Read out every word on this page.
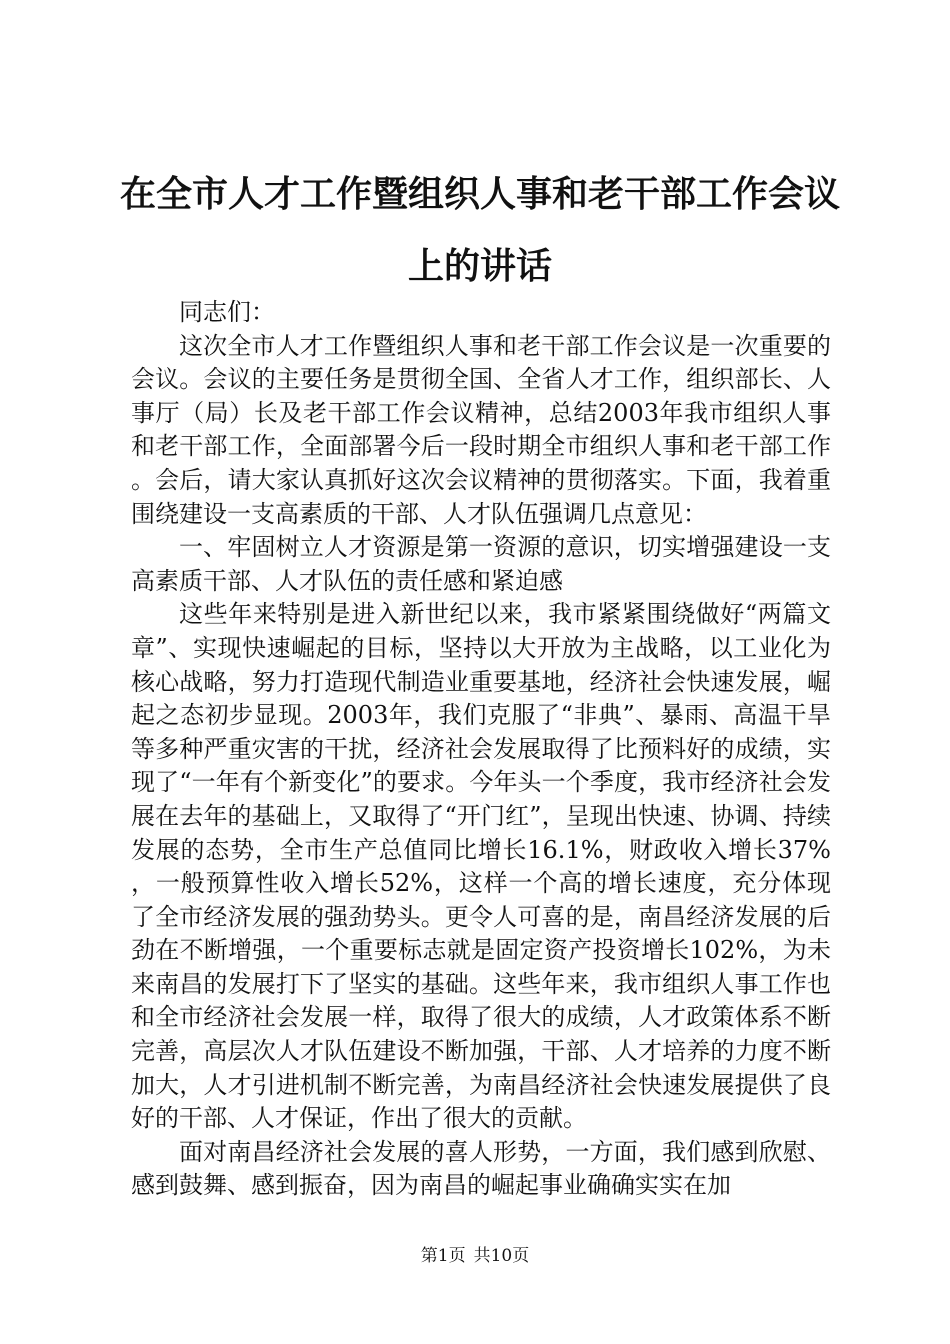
在全市人才工作暨组织人事和老干部工作会议
上的讲话

同志们：

这次全市人才工作暨组织人事和老干部工作会议是一次重要的会议。会议的主要任务是贯彻全国、全省人才工作，组织部长、人事厅（局）长及老干部工作会议精神，总结2003年我市组织人事和老干部工作，全面部署今后一段时期全市组织人事和老干部工作。会后，请大家认真抓好这次会议精神的贯彻落实。下面，我着重围绕建设一支高素质的干部、人才队伍强调几点意见：

一、牢固树立人才资源是第一资源的意识，切实增强建设一支高素质干部、人才队伍的责任感和紧迫感

这些年来特别是进入新世纪以来，我市紧紧围绕做好“两篇文章”、实现快速崛起的目标，坚持以大开放为主战略，以工业化为核心战略，努力打造现代制造业重要基地，经济社会快速发展，崛起之态初步显现。2003年，我们克服了“非典”、暴雨、高温干旱等多种严重灾害的干扰，经济社会发展取得了比预料好的成绩，实现了“一年有个新变化”的要求。今年头一个季度，我市经济社会发展在去年的基础上，又取得了“开门红”，呈现出快速、协调、持续发展的态势，全市生产总值同比增长16.1%，财政收入增长37%，一般预算性收入增长52%，这样一个高的增长速度，充分体现了全市经济发展的强劲势头。更令人可喜的是，南昌经济发展的后劲在不断增强，一个重要标志就是固定资产投资增长102%，为未来南昌的发展打下了坚实的基础。这些年来，我市组织人事工作也和全市经济社会发展一样，取得了很大的成绩，人才政策体系不断完善，高层次人才队伍建设不断加强，干部、人才培养的力度不断加大，人才引进机制不断完善，为南昌经济社会快速发展提供了良好的干部、人才保证，作出了很大的贡献。

面对南昌经济社会发展的喜人形势，一方面，我们感到欣慰、感到鼓舞、感到振奋，因为南昌的崛起事业确确实实在加

第1页 共10页
